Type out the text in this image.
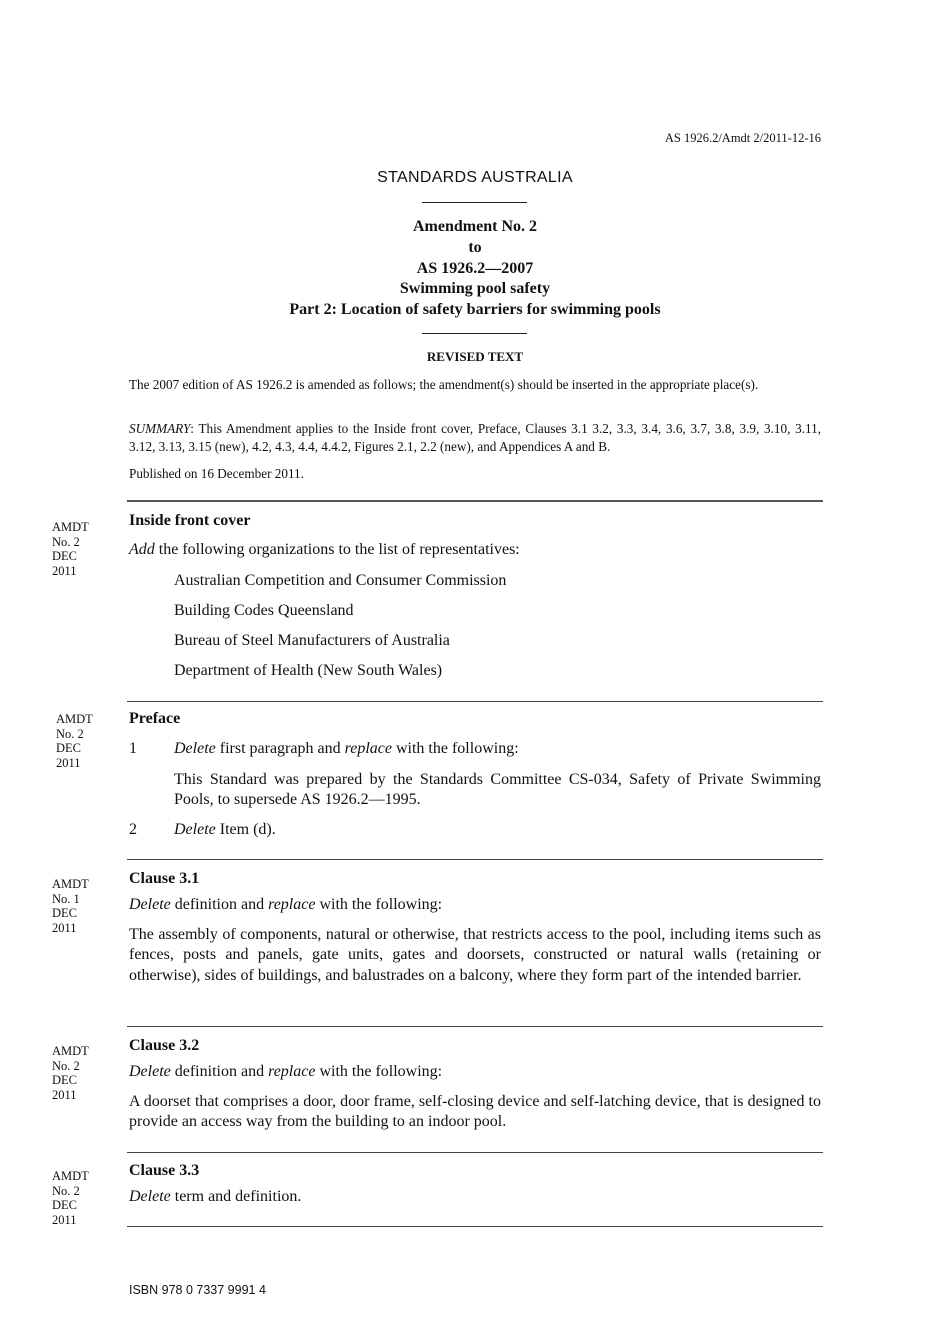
AS 1926.2/Amdt 2/2011-12-16
STANDARDS AUSTRALIA
Amendment No. 2
to
AS 1926.2—2007
Swimming pool safety
Part 2: Location of safety barriers for swimming pools
REVISED TEXT
The 2007 edition of AS 1926.2 is amended as follows; the amendment(s) should be inserted in the appropriate place(s).
SUMMARY: This Amendment applies to the Inside front cover, Preface, Clauses 3.1 3.2, 3.3, 3.4, 3.6, 3.7, 3.8, 3.9, 3.10, 3.11, 3.12, 3.13, 3.15 (new), 4.2, 4.3, 4.4, 4.4.2, Figures 2.1, 2.2 (new), and Appendices A and B.
Published on 16 December 2011.
AMDT
No. 2
DEC
2011
Inside front cover
Add the following organizations to the list of representatives:
Australian Competition and Consumer Commission
Building Codes Queensland
Bureau of Steel Manufacturers of Australia
Department of Health (New South Wales)
AMDT
No. 2
DEC
2011
Preface
1	Delete first paragraph and replace with the following:
This Standard was prepared by the Standards Committee CS-034, Safety of Private Swimming Pools, to supersede AS 1926.2—1995.
2	Delete Item (d).
AMDT
No. 1
DEC
2011
Clause 3.1
Delete definition and replace with the following:
The assembly of components, natural or otherwise, that restricts access to the pool, including items such as fences, posts and panels, gate units, gates and doorsets, constructed or natural walls (retaining or otherwise), sides of buildings, and balustrades on a balcony, where they form part of the intended barrier.
AMDT
No. 2
DEC
2011
Clause 3.2
Delete definition and replace with the following:
A doorset that comprises a door, door frame, self-closing device and self-latching device, that is designed to provide an access way from the building to an indoor pool.
AMDT
No. 2
DEC
2011
Clause 3.3
Delete term and definition.
ISBN 978 0 7337 9991 4
